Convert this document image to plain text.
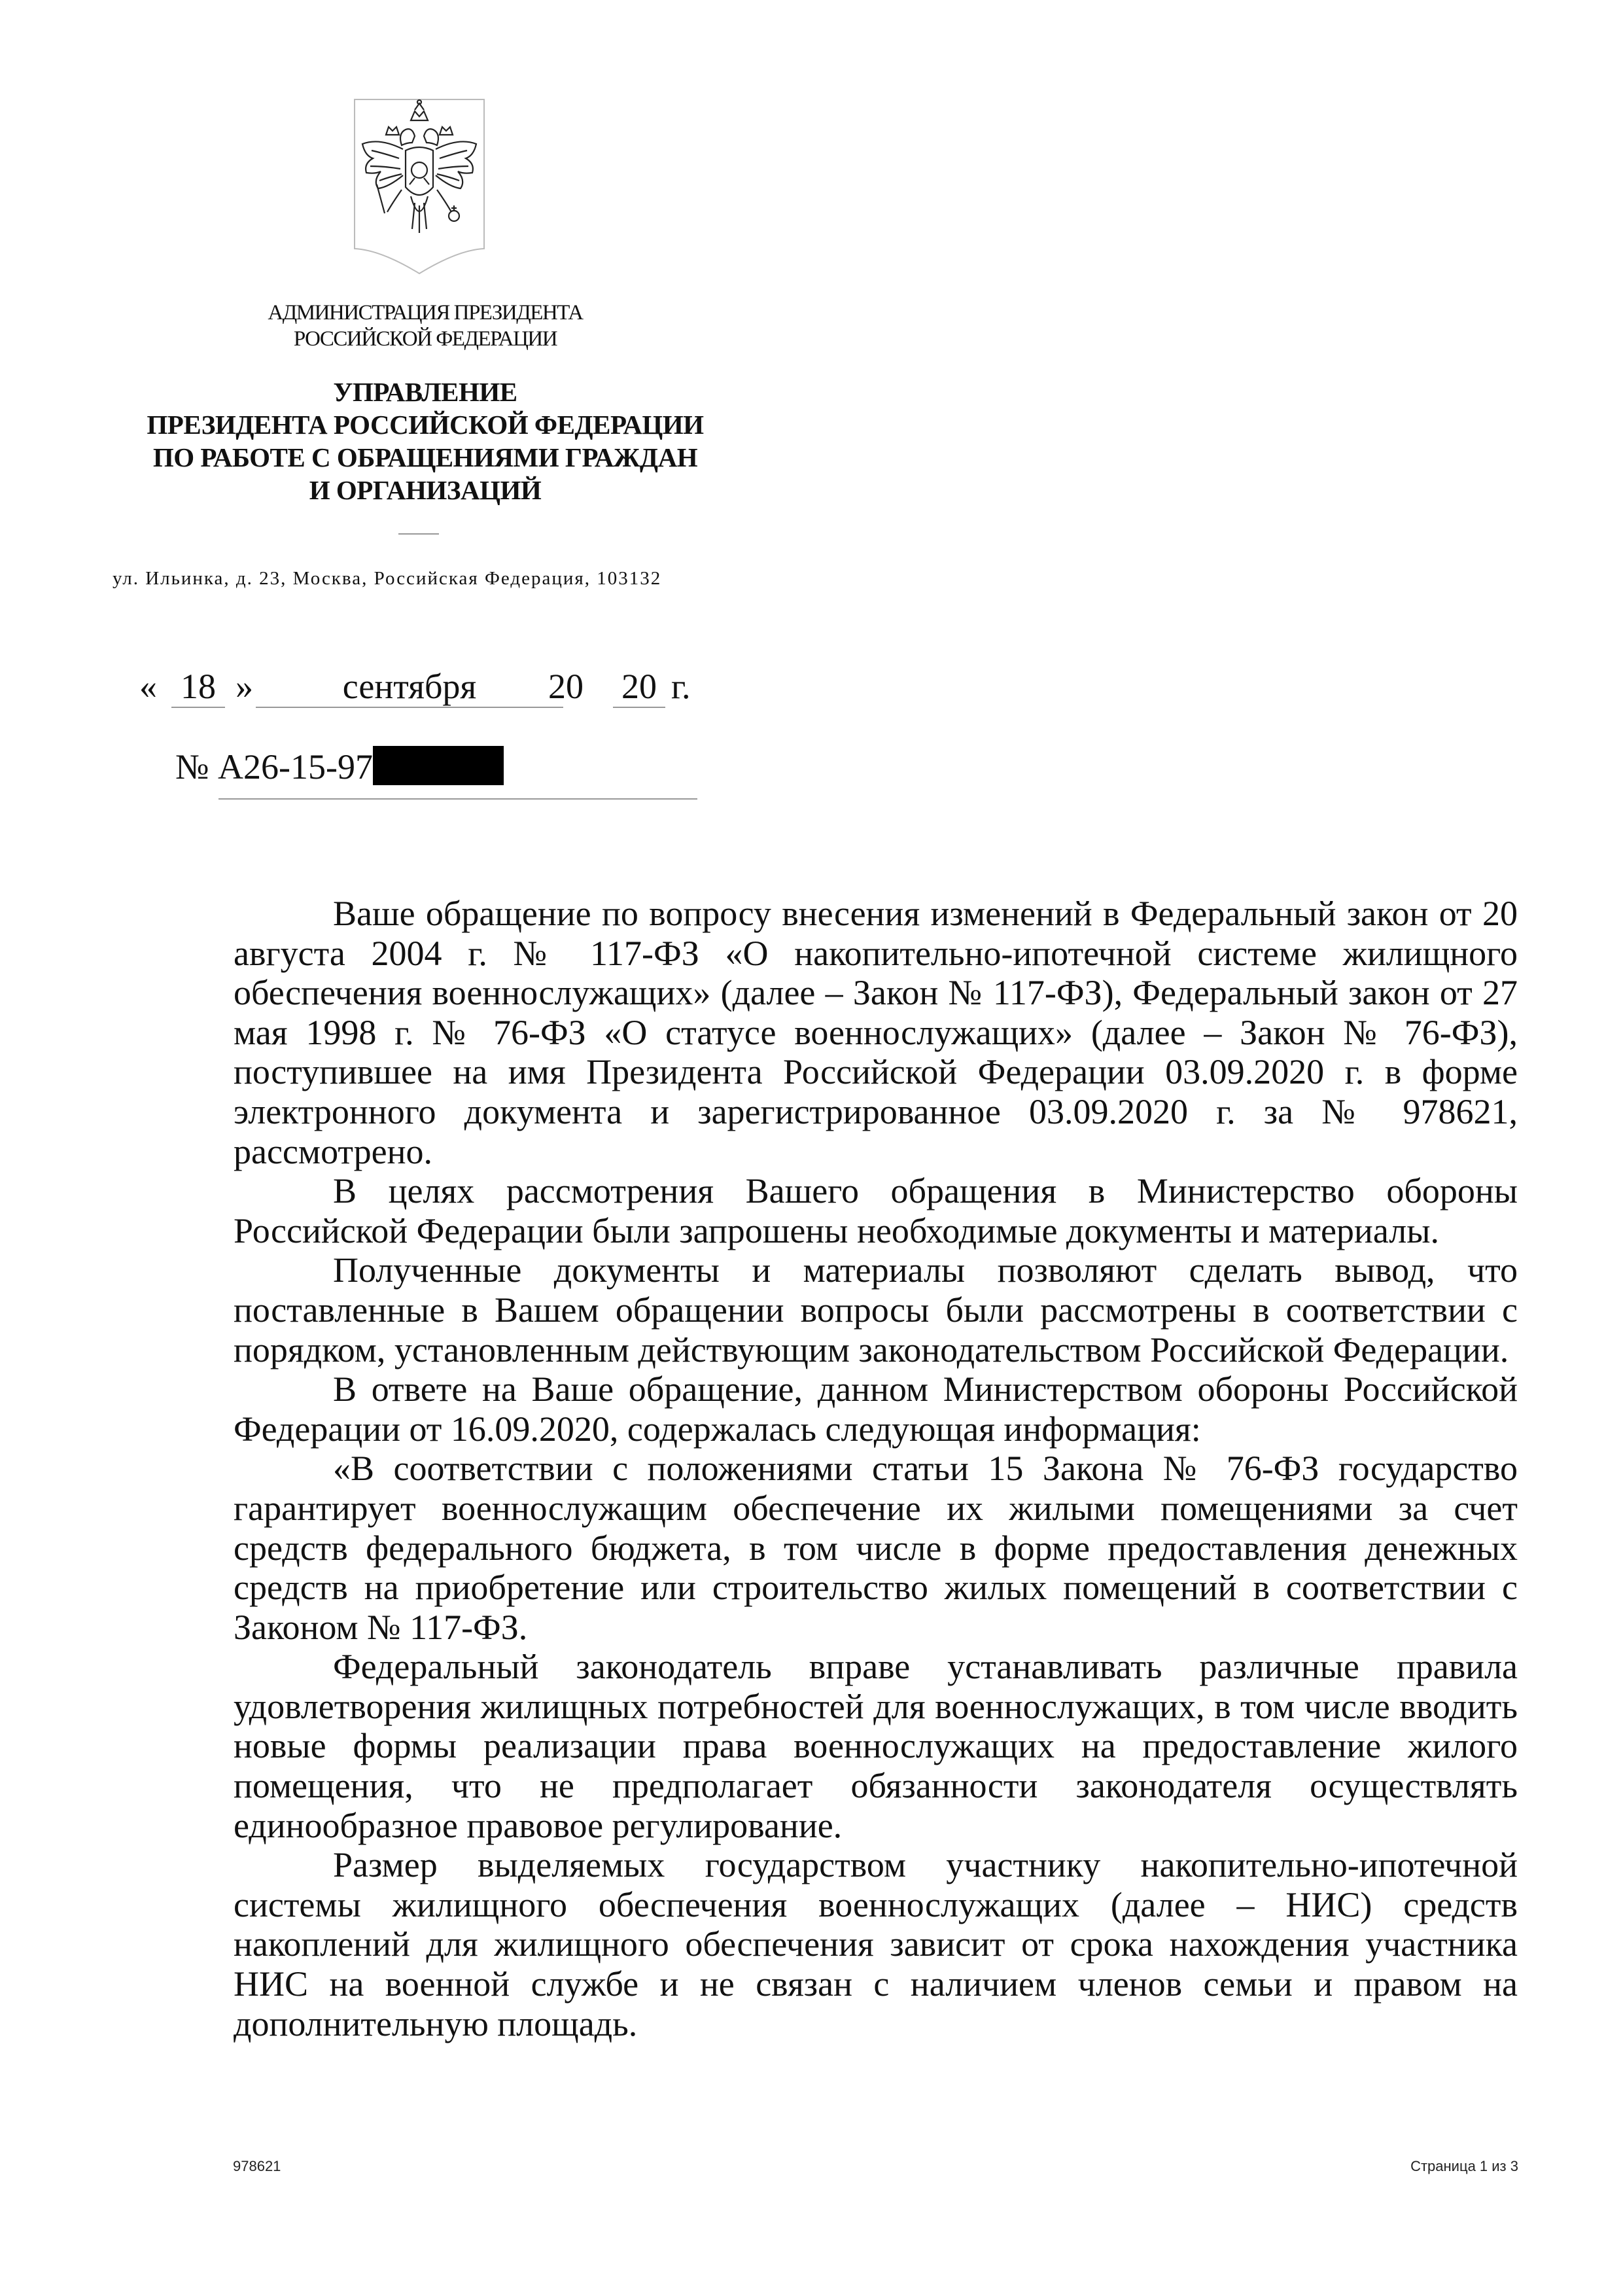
АДМИНИСТРАЦИЯ ПРЕЗИДЕНТА
РОССИЙСКОЙ ФЕДЕРАЦИИ
УПРАВЛЕНИЕ
ПРЕЗИДЕНТА РОССИЙСКОЙ ФЕДЕРАЦИИ
ПО РАБОТЕ С ОБРАЩЕНИЯМИ ГРАЖДАН
И ОРГАНИЗАЦИЙ
ул. Ильинка, д. 23, Москва, Российская Федерация, 103132
« 18 »	сентября	20 20 г.
№ А26-15-97

Ваше обращение по вопросу внесения изменений в Федеральный закон от 20 августа 2004 г. № 117-ФЗ «О накопительно-ипотечной системе жилищного обеспечения военнослужащих» (далее – Закон № 117-ФЗ), Федеральный закон от 27 мая 1998 г. № 76-ФЗ «О статусе военнослужащих» (далее – Закон № 76-ФЗ), поступившее на имя Президента Российской Федерации 03.09.2020 г. в форме электронного документа и зарегистрированное 03.09.2020 г. за № 978621, рассмотрено.

В целях рассмотрения Вашего обращения в Министерство обороны Российской Федерации были запрошены необходимые документы и материалы.

Полученные документы и материалы позволяют сделать вывод, что поставленные в Вашем обращении вопросы были рассмотрены в соответствии с порядком, установленным действующим законодательством Российской Федерации.

В ответе на Ваше обращение, данном Министерством обороны Российской Федерации от 16.09.2020, содержалась следующая информация:

«В соответствии с положениями статьи 15 Закона № 76-ФЗ государство гарантирует военнослужащим обеспечение их жилыми помещениями за счет средств федерального бюджета, в том числе в форме предоставления денежных средств на приобретение или строительство жилых помещений в соответствии с Законом № 117-ФЗ.

Федеральный законодатель вправе устанавливать различные правила удовлетворения жилищных потребностей для военнослужащих, в том числе вводить новые формы реализации права военнослужащих на предоставление жилого помещения, что не предполагает обязанности законодателя осуществлять единообразное правовое регулирование.

Размер выделяемых государством участнику накопительно-ипотечной системы жилищного обеспечения военнослужащих (далее – НИС) средств накоплений для жилищного обеспечения зависит от срока нахождения участника НИС на военной службе и не связан с наличием членов семьи и правом на дополнительную площадь.

978621	Страница 1 из 3
